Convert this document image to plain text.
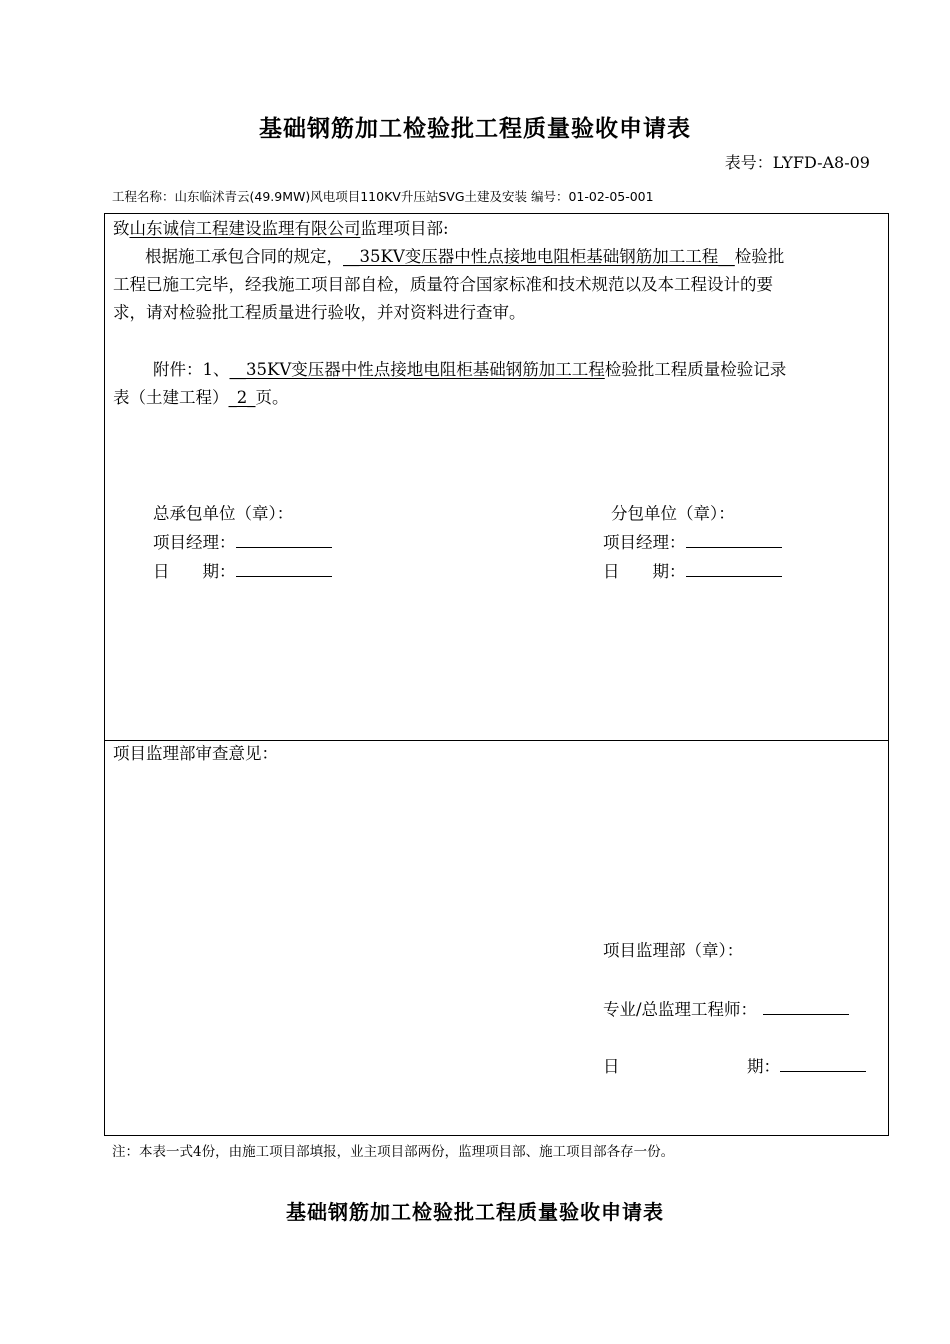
基础钢筋加工检验批工程质量验收申请表
表号：LYFD-A8-09
工程名称：山东临沭青云(49.9MW)风电项目110KV升压站SVG土建及安装 编号：01-02-05-001
致山东诚信工程建设监理有限公司监理项目部:
根据施工承包合同的规定，__35KV变压器中性点接地电阻柜基础钢筋加工工程__检验批
工程已施工完毕，经我施工项目部自检，质量符合国家标准和技术规范以及本工程设计的要
求，请对检验批工程质量进行验收，并对资料进行查审。
附件：1、__35KV变压器中性点接地电阻柜基础钢筋加工工程检验批工程质量检验记录
表（土建工程）_2_页。
总承包单位（章）：
项目经理：
日　　期：
分包单位（章）：
项目经理：
日　　期：
项目监理部审查意见：
项目监理部（章）：
专业/总监理工程师：
日	期：
注：本表一式4份，由施工项目部填报，业主项目部两份，监理项目部、施工项目部各存一份。
基础钢筋加工检验批工程质量验收申请表
